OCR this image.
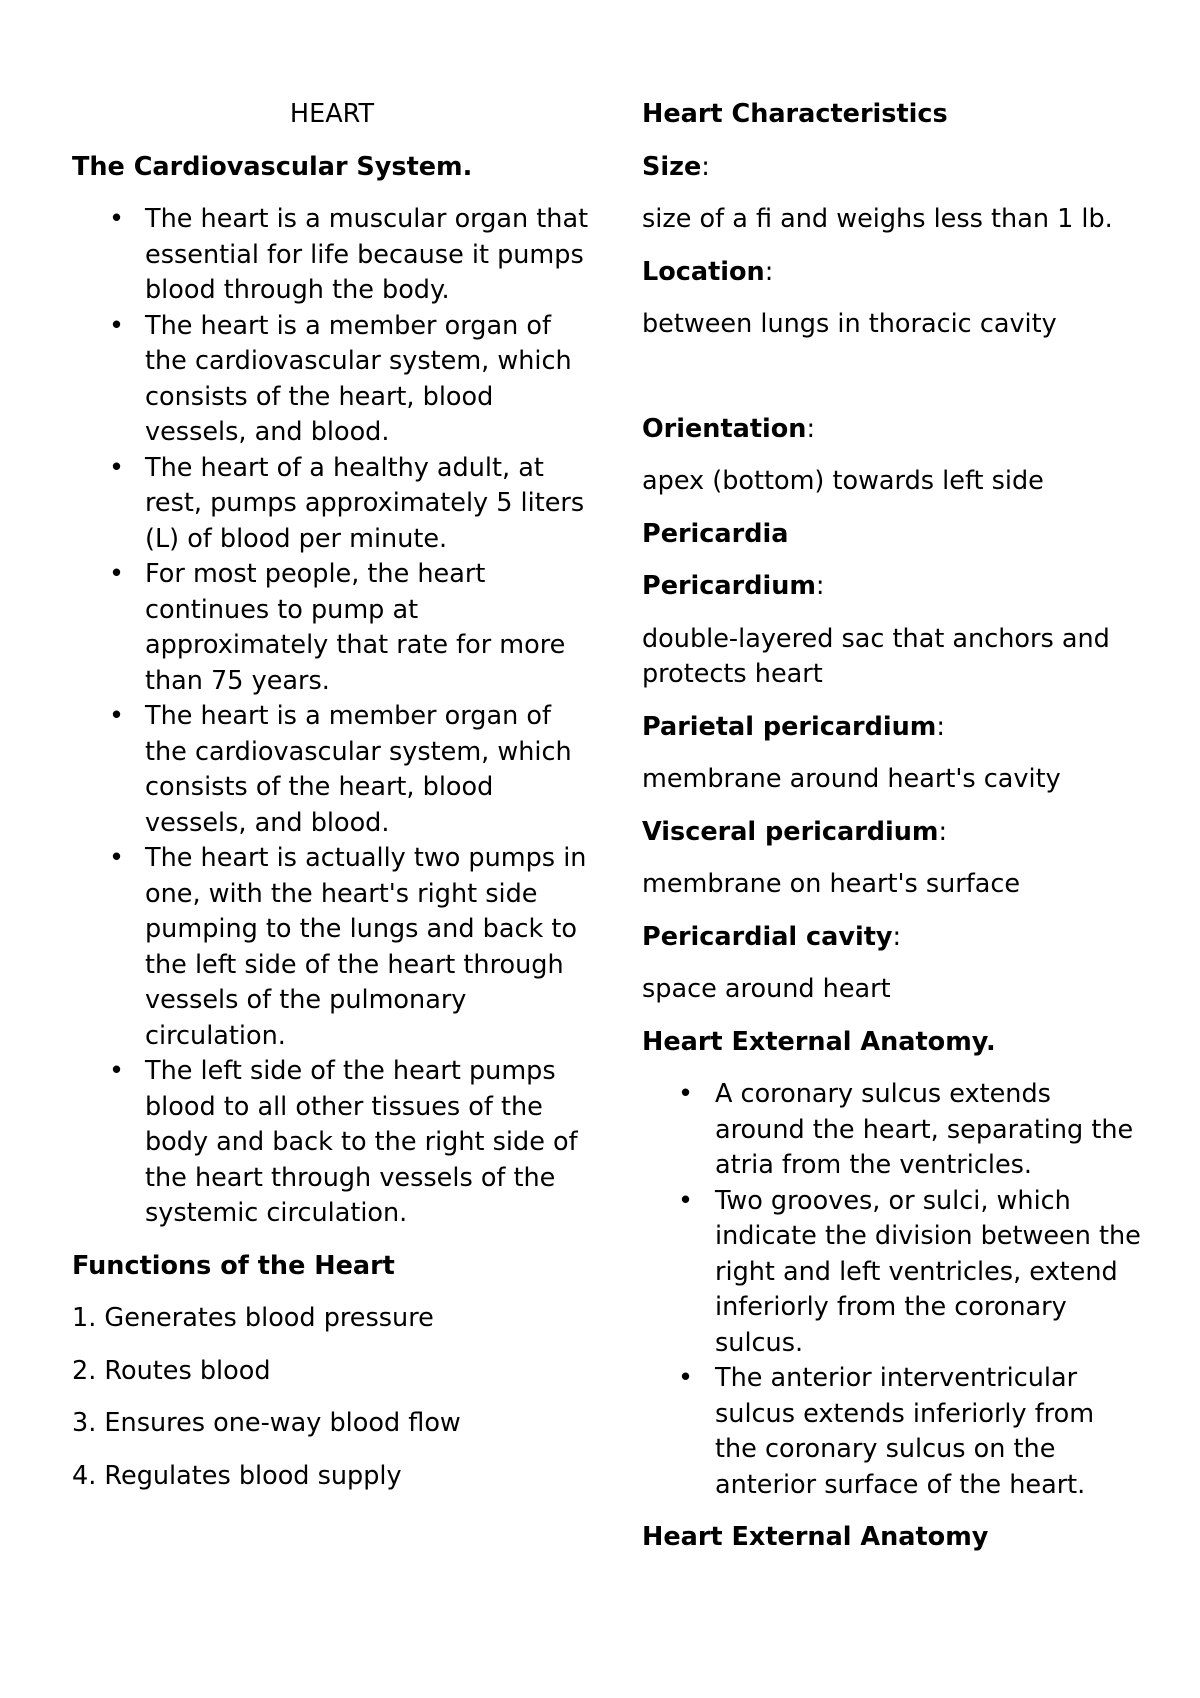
HEART
The Cardiovascular System.
• The heart is a muscular organ that essential for life because it pumps blood through the body.
• The heart is a member organ of the cardiovascular system, which consists of the heart, blood vessels, and blood.
• The heart of a healthy adult, at rest, pumps approximately 5 liters (L) of blood per minute.
• For most people, the heart continues to pump at approximately that rate for more than 75 years.
• The heart is a member organ of the cardiovascular system, which consists of the heart, blood vessels, and blood.
• The heart is actually two pumps in one, with the heart's right side pumping to the lungs and back to the left side of the heart through vessels of the pulmonary circulation.
• The left side of the heart pumps blood to all other tissues of the body and back to the right side of the heart through vessels of the systemic circulation.
Functions of the Heart
1. Generates blood pressure
2. Routes blood
3. Ensures one-way blood flow
4. Regulates blood supply
Heart Characteristics
Size:
size of a fi and weighs less than 1 lb.
Location:
between lungs in thoracic cavity
Orientation:
apex (bottom) towards left side
Pericardia
Pericardium:
double-layered sac that anchors and protects heart
Parietal pericardium:
membrane around heart's cavity
Visceral pericardium:
membrane on heart's surface
Pericardial cavity:
space around heart
Heart External Anatomy.
• A coronary sulcus extends around the heart, separating the atria from the ventricles.
• Two grooves, or sulci, which indicate the division between the right and left ventricles, extend inferiorly from the coronary sulcus.
• The anterior interventricular sulcus extends inferiorly from the coronary sulcus on the anterior surface of the heart.
Heart External Anatomy
